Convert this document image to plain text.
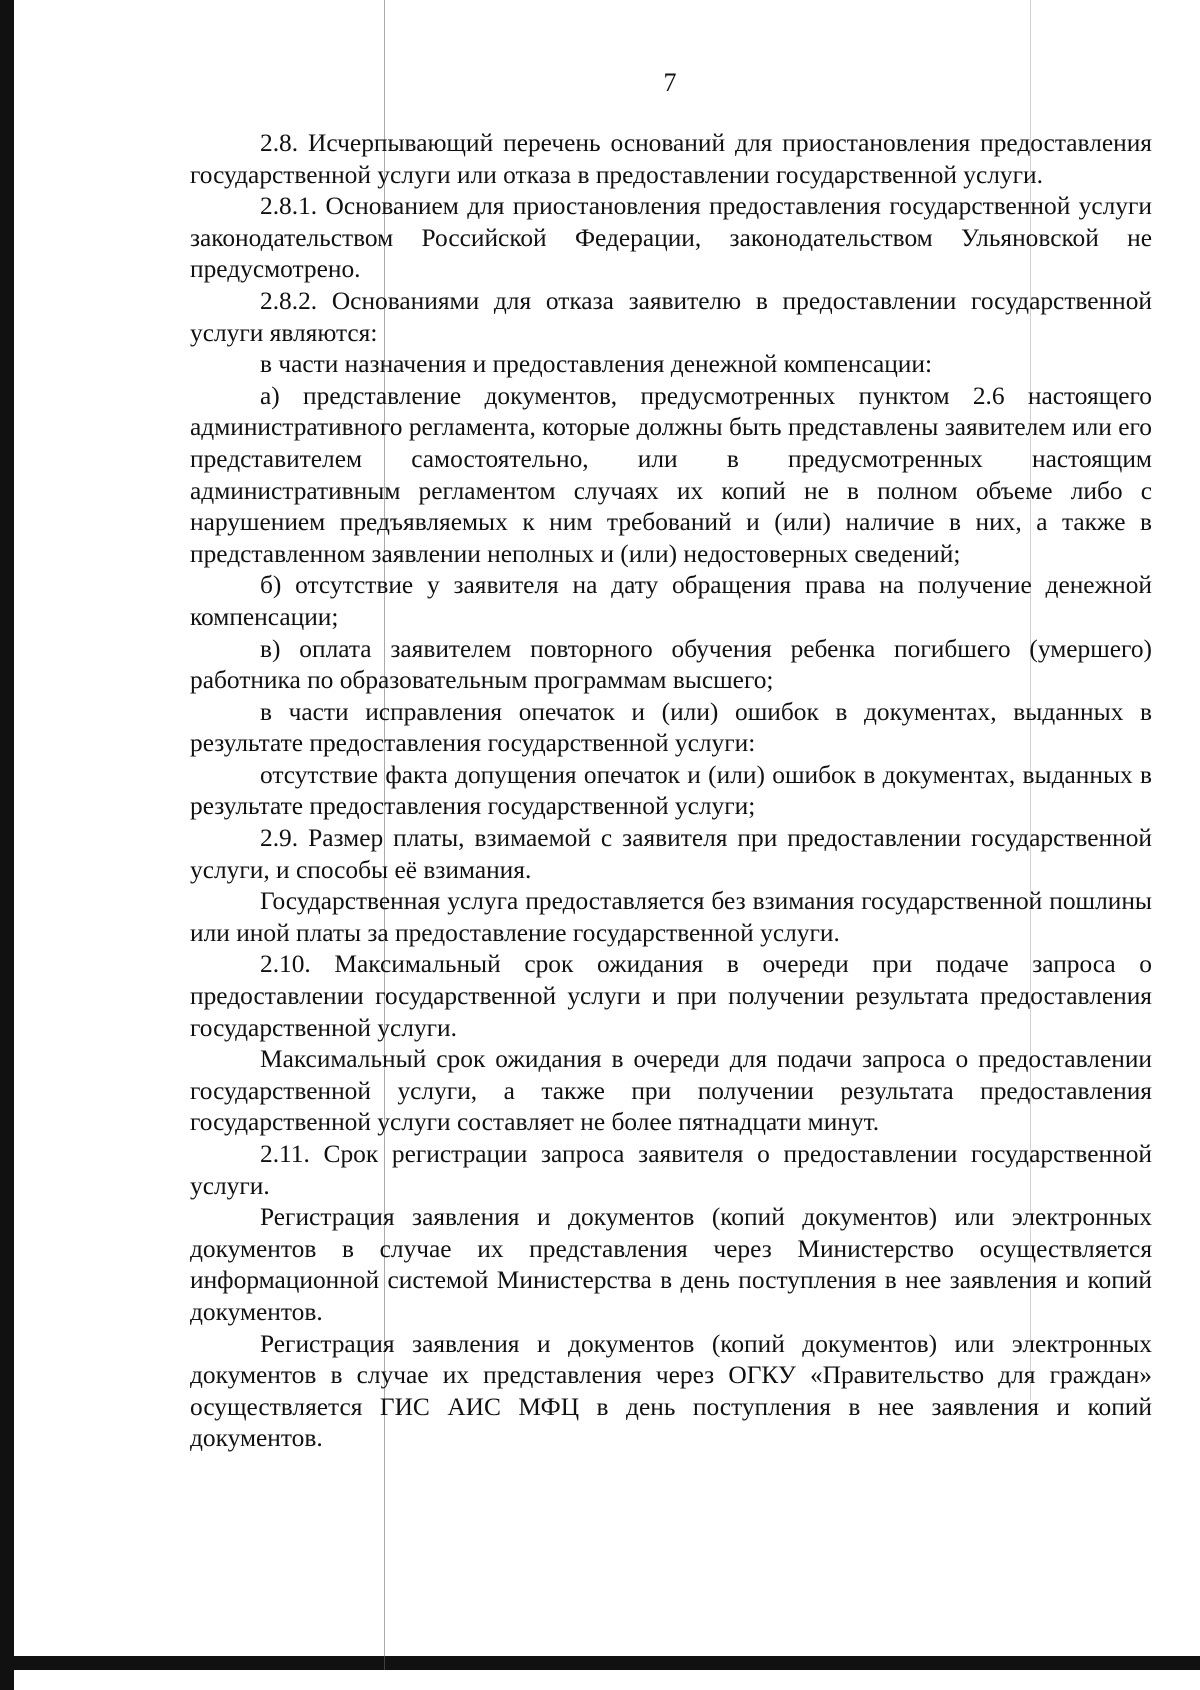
7

2.8. Исчерпывающий перечень оснований для приостановления предоставления государственной услуги или отказа в предоставлении государственной услуги.

2.8.1. Основанием для приостановления предоставления государственной услуги законодательством Российской Федерации, законодательством Ульяновской не предусмотрено.

2.8.2. Основаниями для отказа заявителю в предоставлении государственной услуги являются:

в части назначения и предоставления денежной компенсации:

а) представление документов, предусмотренных пунктом 2.6 настоящего административного регламента, которые должны быть представлены заявителем или его представителем самостоятельно, или в предусмотренных настоящим административным регламентом случаях их копий не в полном объеме либо с нарушением предъявляемых к ним требований и (или) наличие в них, а также в представленном заявлении неполных и (или) недостоверных сведений;

б) отсутствие у заявителя на дату обращения права на получение денежной компенсации;

в) оплата заявителем повторного обучения ребенка погибшего (умершего) работника по образовательным программам высшего;

в части исправления опечаток и (или) ошибок в документах, выданных в результате предоставления государственной услуги:

отсутствие факта допущения опечаток и (или) ошибок в документах, выданных в результате предоставления государственной услуги;

2.9. Размер платы, взимаемой с заявителя при предоставлении государственной услуги, и способы её взимания.

Государственная услуга предоставляется без взимания государственной пошлины или иной платы за предоставление государственной услуги.

2.10. Максимальный срок ожидания в очереди при подаче запроса о предоставлении государственной услуги и при получении результата предоставления государственной услуги.

Максимальный срок ожидания в очереди для подачи запроса о предоставлении государственной услуги, а также при получении результата предоставления государственной услуги составляет не более пятнадцати минут.

2.11. Срок регистрации запроса заявителя о предоставлении государственной услуги.

Регистрация заявления и документов (копий документов) или электронных документов в случае их представления через Министерство осуществляется информационной системой Министерства в день поступления в нее заявления и копий документов.

Регистрация заявления и документов (копий документов) или электронных документов в случае их представления через ОГКУ «Правительство для граждан» осуществляется ГИС АИС МФЦ в день поступления в нее заявления и копий документов.
